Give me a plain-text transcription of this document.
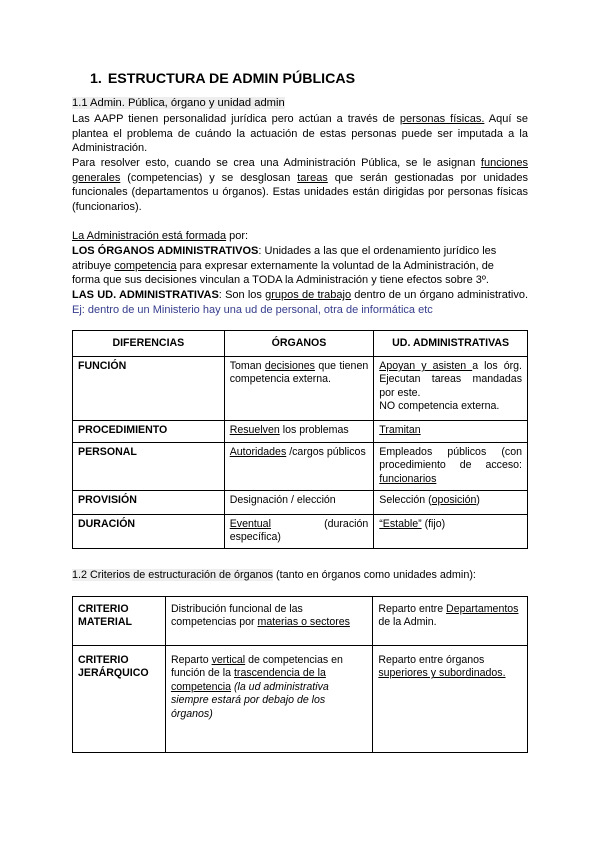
1. ESTRUCTURA DE ADMIN PÚBLICAS
1.1 Admin. Pública, órgano y unidad admin
Las AAPP tienen personalidad jurídica pero actúan a través de personas físicas. Aquí se plantea el problema de cuándo la actuación de estas personas puede ser imputada a la Administración.
Para resolver esto, cuando se crea una Administración Pública, se le asignan funciones generales (competencias) y se desglosan tareas que serán gestionadas por unidades funcionales (departamentos u órganos). Estas unidades están dirigidas por personas físicas (funcionarios).
La Administración está formada por:
LOS ÓRGANOS ADMINISTRATIVOS: Unidades a las que el ordenamiento jurídico les atribuye competencia para expresar externamente la voluntad de la Administración, de forma que sus decisiones vinculan a TODA la Administración y tiene efectos sobre 3º.
LAS UD. ADMINISTRATIVAS: Son los grupos de trabajo dentro de un órgano administrativo. Ej: dentro de un Ministerio hay una ud de personal, otra de informática etc
DIFERENCIAS	ÓRGANOS	UD. ADMINISTRATIVAS
FUNCIÓN	Toman decisiones que tienen competencia externa.	Apoyan y asisten a los órg. Ejecutan tareas mandadas por este.
NO competencia externa.
PROCEDIMIENTO	Resuelven los problemas	Tramitan
PERSONAL	Autoridades /cargos públicos	Empleados públicos (con procedimiento de acceso: funcionarios
PROVISIÓN	Designación / elección	Selección (oposición)
DURACIÓN	Eventual (duración específica)	“Estable” (fijo)
1.2 Criterios de estructuración de órganos (tanto en órganos como unidades admin):
CRITERIO MATERIAL	Distribución funcional de las competencias por materias o sectores	Reparto entre Departamentos de la Admin.
CRITERIO JERÁRQUICO	Reparto vertical de competencias en función de la trascendencia de la competencia (la ud administrativa siempre estará por debajo de los órganos)	Reparto entre órganos superiores y subordinados.
